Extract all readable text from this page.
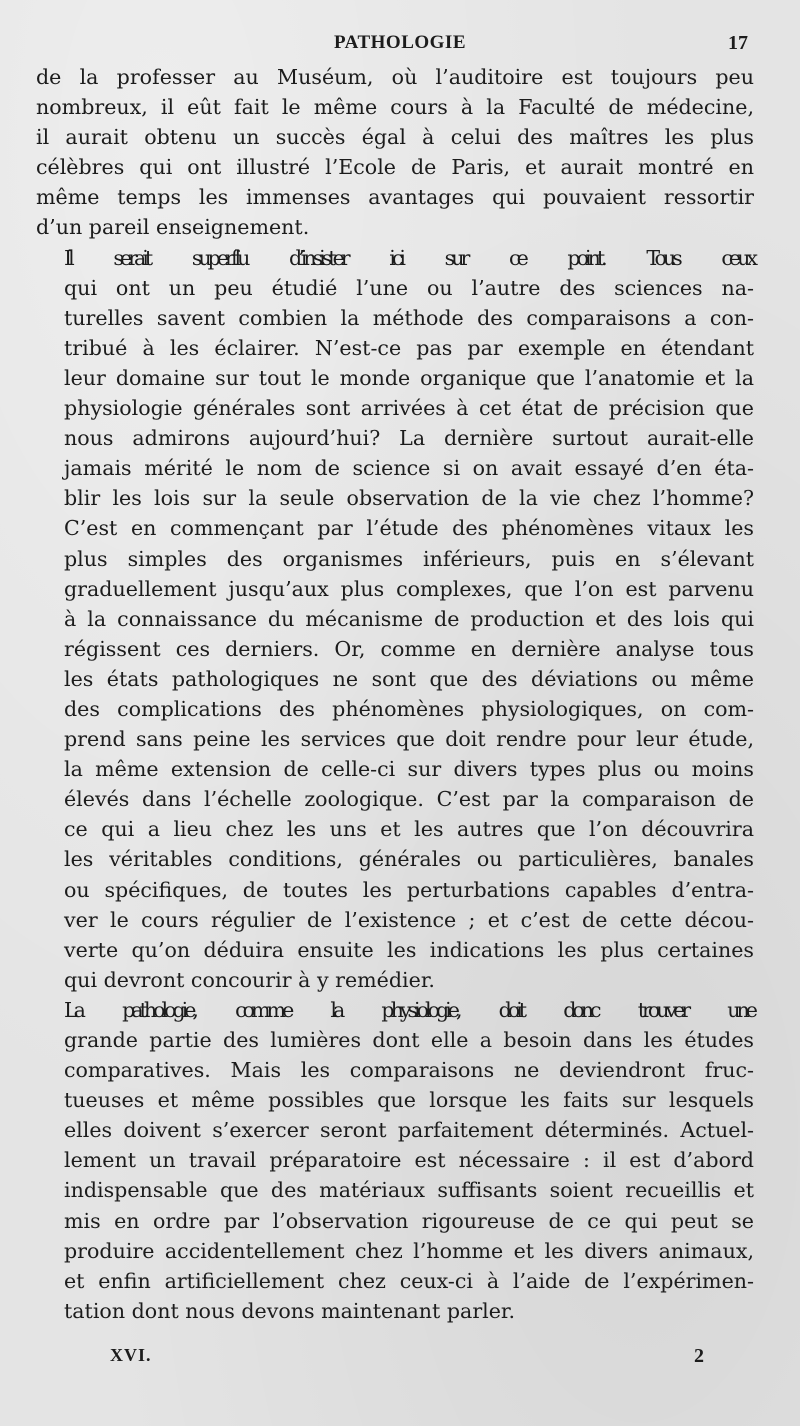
PATHOLOGIE	17

de la professer au Muséum, où l’auditoire est toujours peu
nombreux, il eût fait le même cours à la Faculté de médecine,
il aurait obtenu un succès égal à celui des maîtres les plus
célèbres qui ont illustré l’Ecole de Paris, et aurait montré en
même temps les immenses avantages qui pouvaient ressortir
d’un pareil enseignement.

Il serait superflu d’insister ici sur ce point. Tous ceux
qui ont un peu étudié l’une ou l’autre des sciences na-
turelles savent combien la méthode des comparaisons a con-
tribué à les éclairer. N’est-ce pas par exemple en étendant
leur domaine sur tout le monde organique que l’anatomie et la
physiologie générales sont arrivées à cet état de précision que
nous admirons aujourd’hui? La dernière surtout aurait-elle
jamais mérité le nom de science si on avait essayé d’en éta-
blir les lois sur la seule observation de la vie chez l’homme?
C’est en commençant par l’étude des phénomènes vitaux les
plus simples des organismes inférieurs, puis en s’élevant
graduellement jusqu’aux plus complexes, que l’on est parvenu
à la connaissance du mécanisme de production et des lois qui
régissent ces derniers. Or, comme en dernière analyse tous
les états pathologiques ne sont que des déviations ou même
des complications des phénomènes physiologiques, on com-
prend sans peine les services que doit rendre pour leur étude,
la même extension de celle-ci sur divers types plus ou moins
élevés dans l’échelle zoologique. C’est par la comparaison de
ce qui a lieu chez les uns et les autres que l’on découvrira
les véritables conditions, générales ou particulières, banales
ou spécifiques, de toutes les perturbations capables d’entra-
ver le cours régulier de l’existence ; et c’est de cette décou-
verte qu’on déduira ensuite les indications les plus certaines
qui devront concourir à y remédier.

La pathologie, comme la physiologie, doit donc trouver une
grande partie des lumières dont elle a besoin dans les études
comparatives. Mais les comparaisons ne deviendront fruc-
tueuses et même possibles que lorsque les faits sur lesquels
elles doivent s’exercer seront parfaitement déterminés. Actuel-
lement un travail préparatoire est nécessaire : il est d’abord
indispensable que des matériaux suffisants soient recueillis et
mis en ordre par l’observation rigoureuse de ce qui peut se
produire accidentellement chez l’homme et les divers animaux,
et enfin artificiellement chez ceux-ci à l’aide de l’expérimen-
tation dont nous devons maintenant parler.

XVI.	2
